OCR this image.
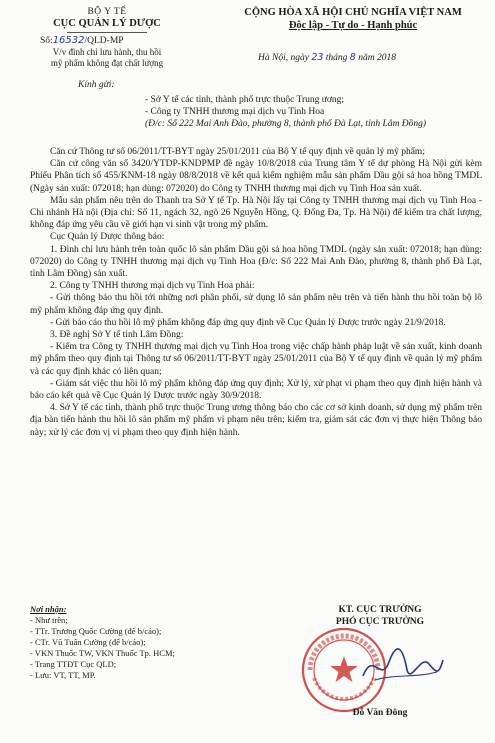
BỘ Y TẾ
CỤC QUẢN LÝ DƯỢC
Số:16532/QLD-MP
V/v đình chỉ lưu hành, thu hồi
mỹ phẩm không đạt chất lượng
CỘNG HÒA XÃ HỘI CHỦ NGHĨA VIỆT NAM
Độc lập - Tự do - Hạnh phúc
Hà Nội, ngày 23 tháng 8 năm 2018
Kính gửi:
- Sở Y tế các tỉnh, thành phố trực thuộc Trung ương;
- Công ty TNHH thương mại dịch vụ Tinh Hoa
(Đ/c: Số 222 Mai Anh Đào, phường 8, thành phố Đà Lạt, tỉnh Lâm Đồng)

Căn cứ Thông tư số 06/2011/TT-BYT ngày 25/01/2011 của Bộ Y tế quy định về quản lý mỹ phẩm;

Căn cứ công văn số 3420/YTDP-KNDPMP đề ngày 10/8/2018 của Trung tâm Y tế dự phòng Hà Nội gửi kèm Phiếu Phân tích số 455/KNM-18 ngày 08/8/2018 về kết quả kiểm nghiệm mẫu sản phẩm Dầu gội sả hoa hồng TMDL (Ngày sản xuất: 072018; hạn dùng: 072020) do Công ty TNHH thương mại dịch vụ Tinh Hoa sản xuất.

Mẫu sản phẩm nêu trên do Thanh tra Sở Y tế Tp. Hà Nội lấy tại Công ty TNHH thương mại dịch vụ Tinh Hoa - Chi nhánh Hà nội (Địa chỉ: Số 11, ngách 32, ngõ 26 Nguyễn Hồng, Q. Đống Đa, Tp. Hà Nội) để kiểm tra chất lượng, không đáp ứng yêu cầu về giới hạn vi sinh vật trong mỹ phẩm.

Cục Quản lý Dược thông báo:

1. Đình chỉ lưu hành trên toàn quốc lô sản phẩm Dầu gội sả hoa hồng TMDL (ngày sản xuất: 072018; hạn dùng: 072020) do Công ty TNHH thương mại dịch vụ Tinh Hoa (Đ/c: Số 222 Mai Anh Đào, phường 8, thành phố Đà Lạt, tỉnh Lâm Đồng) sản xuất.

2. Công ty TNHH thương mại dịch vụ Tinh Hoa phải:

- Gửi thông báo thu hồi tới những nơi phân phối, sử dụng lô sản phẩm nêu trên và tiến hành thu hồi toàn bộ lô mỹ phẩm không đáp ứng quy định.

- Gửi báo cáo thu hồi lô mỹ phẩm không đáp ứng quy định về Cục Quản lý Dược trước ngày 21/9/2018.

3. Đề nghị Sở Y tế tỉnh Lâm Đồng:

- Kiểm tra Công ty TNHH thương mại dịch vụ Tinh Hoa trong việc chấp hành pháp luật về sản xuất, kinh doanh mỹ phẩm theo quy định tại Thông tư số 06/2011/TT-BYT ngày 25/01/2011 của Bộ Y tế quy định về quản lý mỹ phẩm và các quy định khác có liên quan;

- Giám sát việc thu hồi lô mỹ phẩm không đáp ứng quy định; Xử lý, xử phạt vi phạm theo quy định hiện hành và báo cáo kết quả về Cục Quản lý Dược trước ngày 30/9/2018.

4. Sở Y tế các tỉnh, thành phố trực thuộc Trung ương thông báo cho các cơ sở kinh doanh, sử dụng mỹ phẩm trên địa bàn tiến hành thu hồi lô sản phẩm mỹ phẩm vi phạm nêu trên; kiểm tra, giám sát các đơn vị thực hiện Thông báo này; xử lý các đơn vị vi phạm theo quy định hiện hành.

Nơi nhận:
- Như trên;
- TTr. Trương Quốc Cường (để b/cáo);
- CTr. Vũ Tuấn Cường (để b/cáo);
- VKN Thuốc TW, VKN Thuốc Tp. HCM;
- Trang TTĐT Cục QLD;
- Lưu: VT, TT, MP.
KT. CỤC TRƯỞNG
PHÓ CỤC TRƯỞNG
Đỗ Văn Đông
